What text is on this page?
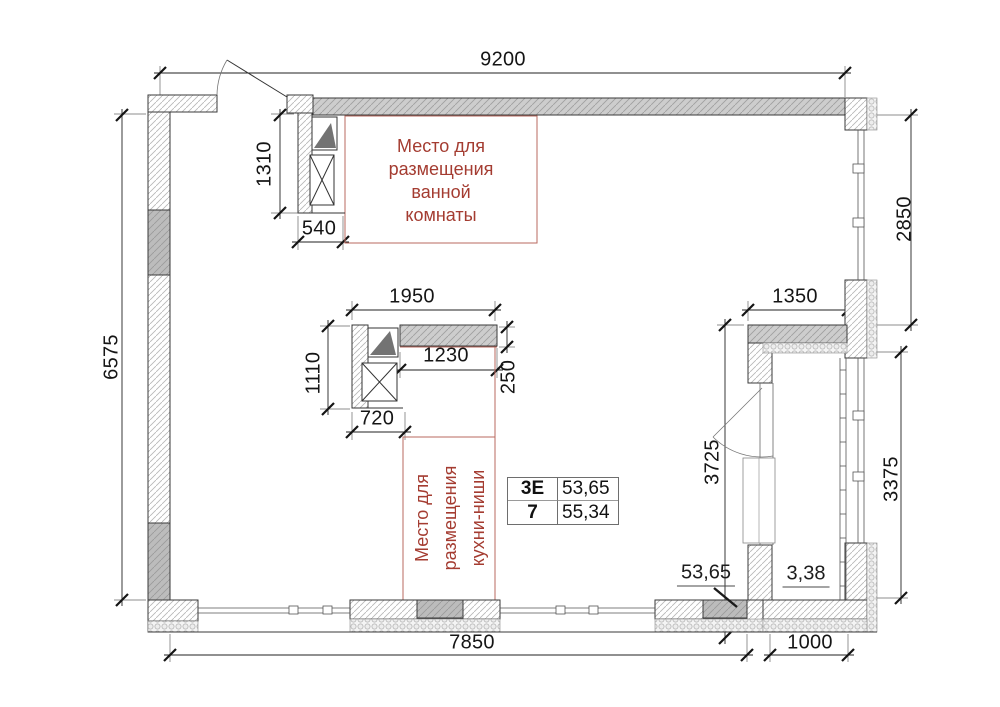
9200
6575
1310
540
1950
1110	1230
250
720
1350
2850
3375
3725
7850	1000
Место для
размещения
ванной
комнаты
Место для размещения кухни-ниши	3Е 53,65
7	55,34
53,65	3,38
